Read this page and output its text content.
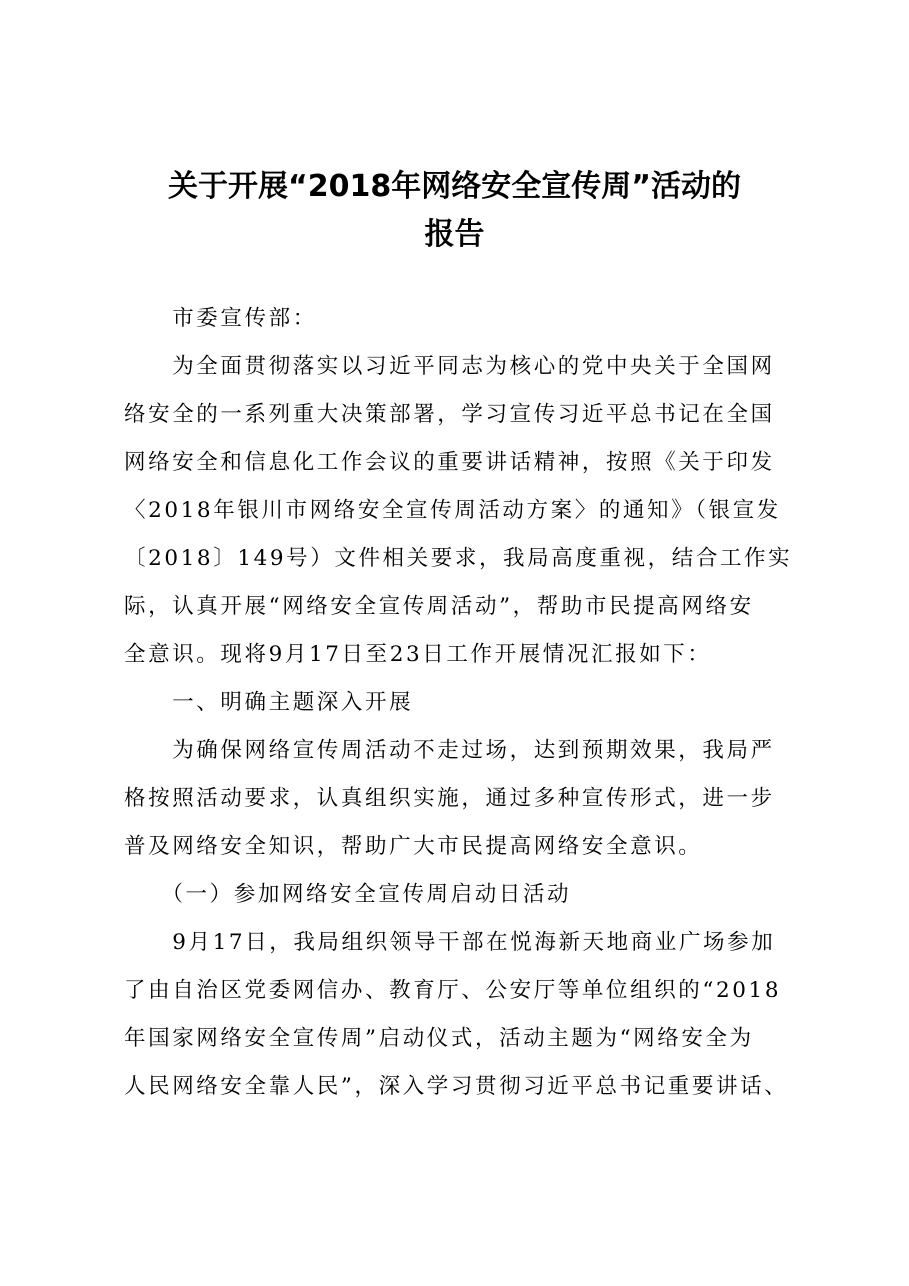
关于开展“2018年网络安全宣传周”活动的
报告
　　市委宣传部：
　　为全面贯彻落实以习近平同志为核心的党中央关于全国网
络安全的一系列重大决策部署，学习宣传习近平总书记在全国
网络安全和信息化工作会议的重要讲话精神，按照《关于印发
〈2018年银川市网络安全宣传周活动方案〉的通知》（银宣发
〔2018〕149号）文件相关要求，我局高度重视，结合工作实
际，认真开展“网络安全宣传周活动”，帮助市民提高网络安
全意识。现将9月17日至23日工作开展情况汇报如下：
　　一、明确主题深入开展
　　为确保网络宣传周活动不走过场，达到预期效果，我局严
格按照活动要求，认真组织实施，通过多种宣传形式，进一步
普及网络安全知识，帮助广大市民提高网络安全意识。
　　（一）参加网络安全宣传周启动日活动
　　9月17日，我局组织领导干部在悦海新天地商业广场参加
了由自治区党委网信办、教育厅、公安厅等单位组织的“2018
年国家网络安全宣传周”启动仪式，活动主题为“网络安全为
人民网络安全靠人民”，深入学习贯彻习近平总书记重要讲话、
